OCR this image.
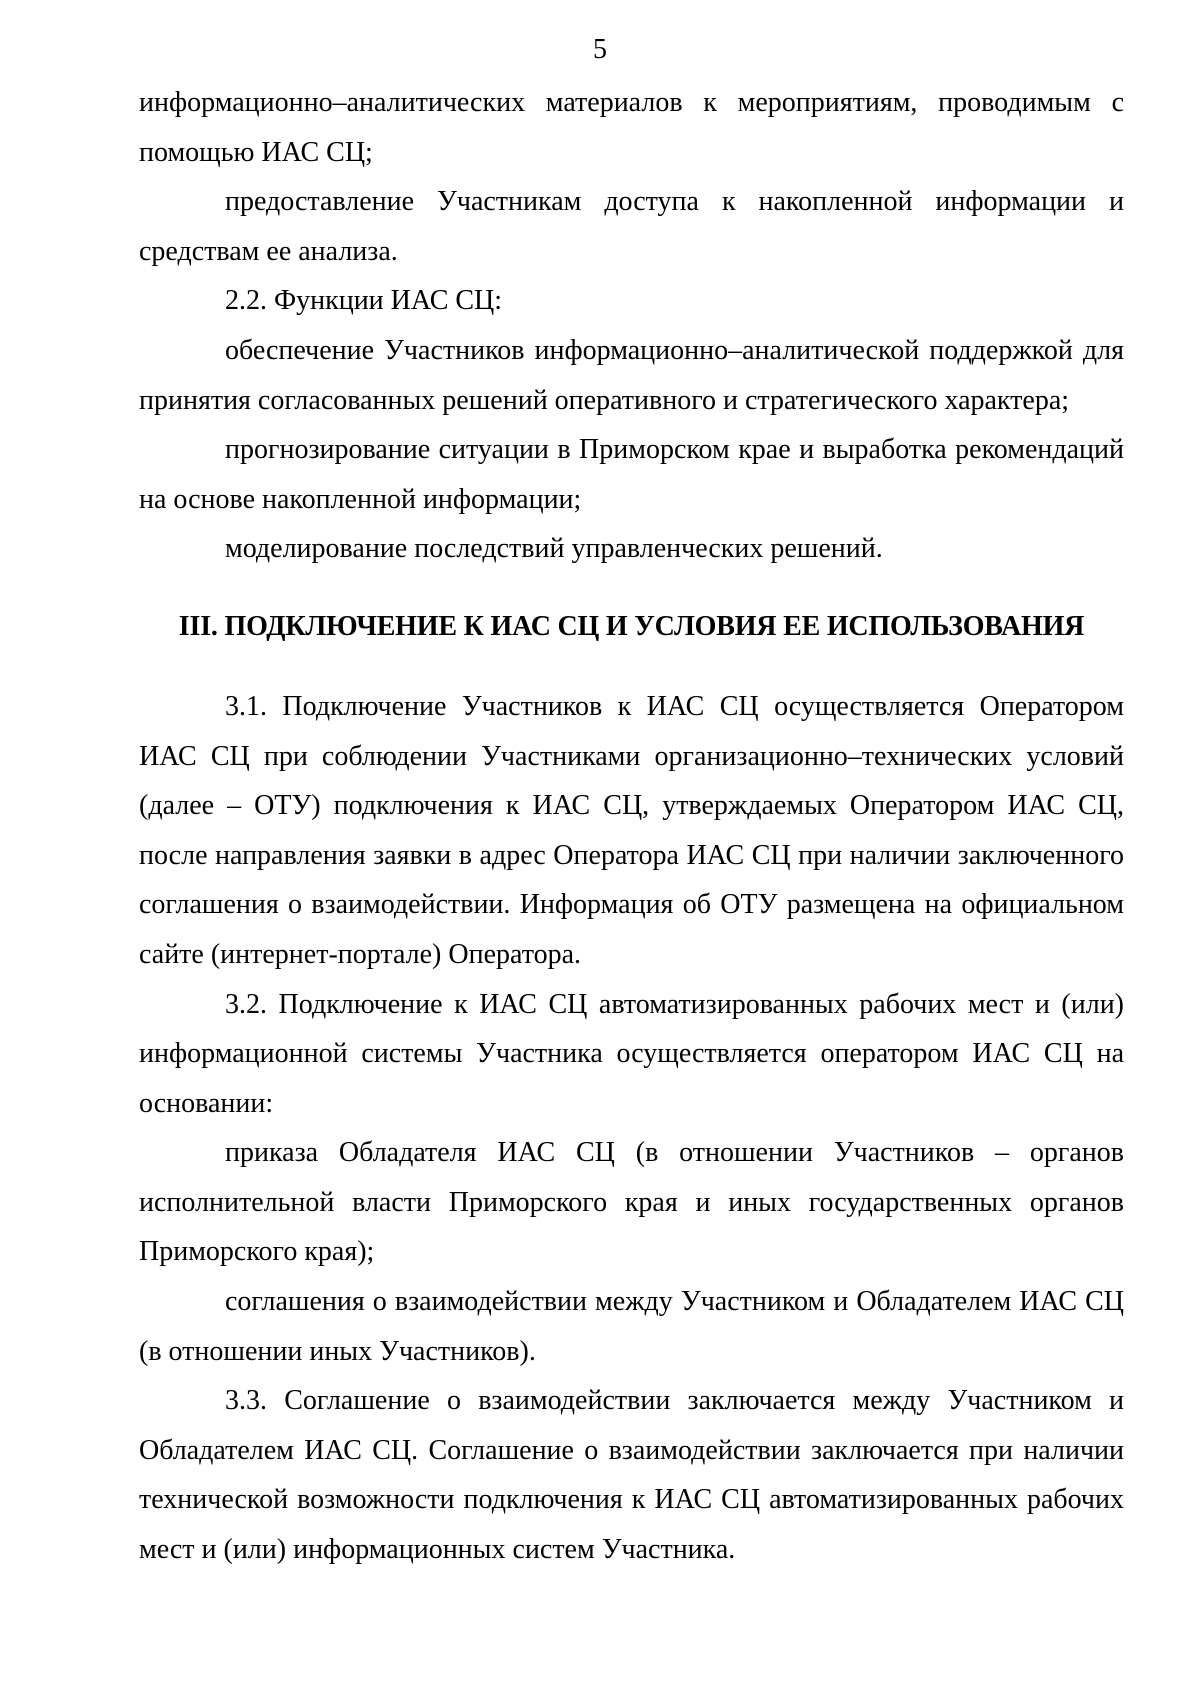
5

информационно–аналитических материалов к мероприятиям, проводимым с помощью ИАС СЦ;

предоставление Участникам доступа к накопленной информации и средствам ее анализа.

2.2. Функции ИАС СЦ:

обеспечение Участников информационно–аналитической поддержкой для принятия согласованных решений оперативного и стратегического характера;

прогнозирование ситуации в Приморском крае и выработка рекомендаций на основе накопленной информации;

моделирование последствий управленческих решений.

III. ПОДКЛЮЧЕНИЕ К ИАС СЦ И УСЛОВИЯ ЕЕ ИСПОЛЬЗОВАНИЯ

3.1. Подключение Участников к ИАС СЦ осуществляется Оператором ИАС СЦ при соблюдении Участниками организационно–технических условий (далее – ОТУ) подключения к ИАС СЦ, утверждаемых Оператором ИАС СЦ, после направления заявки в адрес Оператора ИАС СЦ при наличии заключенного соглашения о взаимодействии. Информация об ОТУ размещена на официальном сайте (интернет-портале) Оператора.

3.2. Подключение к ИАС СЦ автоматизированных рабочих мест и (или) информационной системы Участника осуществляется оператором ИАС СЦ на основании:

приказа Обладателя ИАС СЦ (в отношении Участников – органов исполнительной власти Приморского края и иных государственных органов Приморского края);

соглашения о взаимодействии между Участником и Обладателем ИАС СЦ (в отношении иных Участников).

3.3. Соглашение о взаимодействии заключается между Участником и Обладателем ИАС СЦ. Соглашение о взаимодействии заключается при наличии технической возможности подключения к ИАС СЦ автоматизированных рабочих мест и (или) информационных систем Участника.
